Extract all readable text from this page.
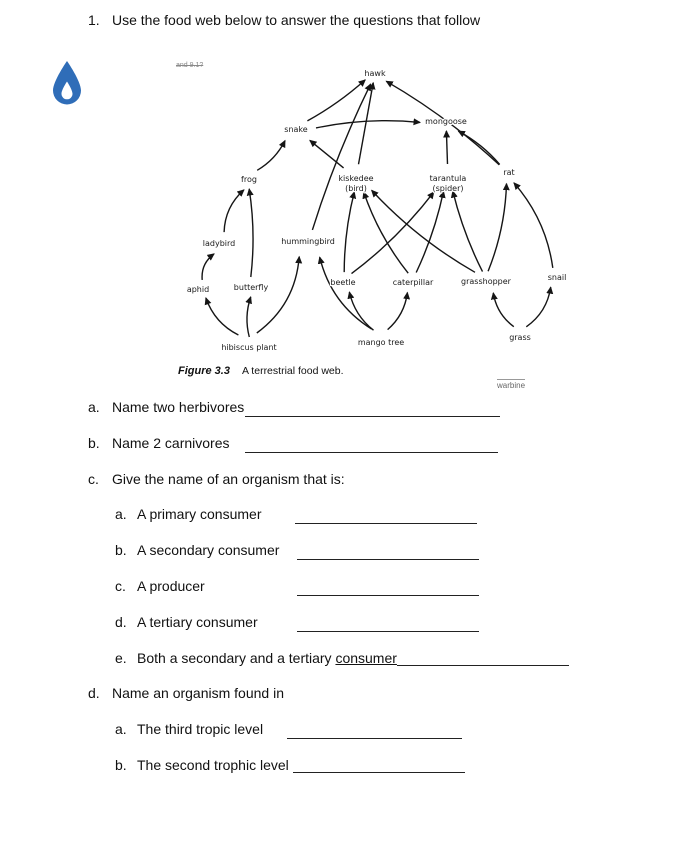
1. Use the food web below to answer the questions that follow
hawk
mongoose
snake
frog	kiskedee
(bird)
tarantula
(spider)
rat
ladybird	hummingbird
beetle	caterpillar	grasshopper	snail
aphid	butterfly
hibiscus plant
mango tree
grass
and 9.1?
warbine
Figure 3.3 A terrestrial food web.
a. Name two herbivores
b. Name 2 carnivores
c. Give the name of an organism that is:
a. A primary consumer
b. A secondary consumer
c. A producer
d. A tertiary consumer
e. Both a secondary and a tertiary consumer
d. Name an organism found in
a. The third tropic level
b. The second trophic level
